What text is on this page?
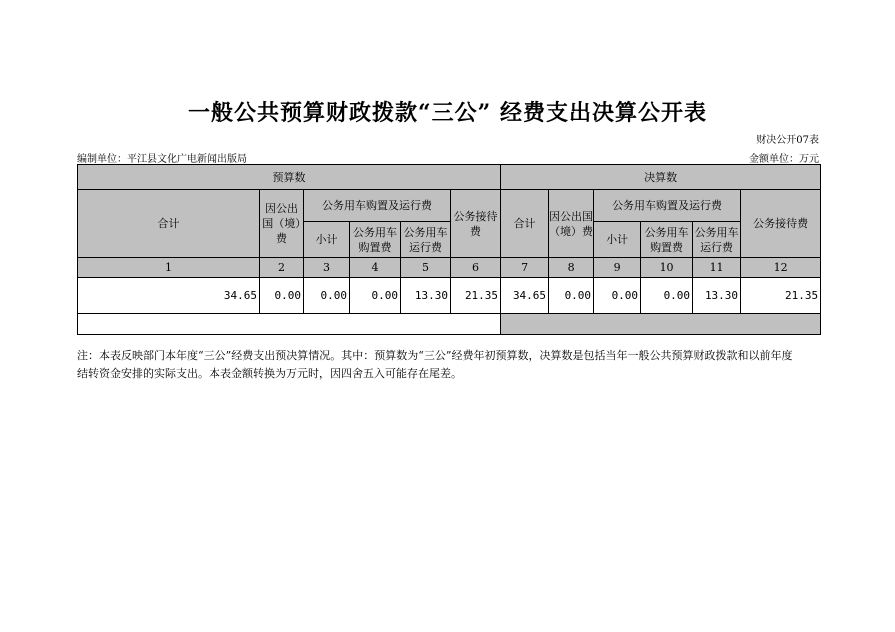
一般公共预算财政拨款“三公” 经费支出决算公开表
财决公开07表
编制单位：平江县文化广电新闻出版局	金额单位：万元
预算数						决算数					
合计	因公出国（境）费	公务用车购置及运行费			公务接待费	合计	因公出国（境）费	公务用车购置及运行费			公务接待费
		小计	公务用车购置费	公务用车运行费				小计	公务用车购置费	公务用车运行费	
1	2	3	4	5	6	7	8	9	10	11	12
34.65	0.00	0.00	0.00	13.30	21.35	34.65	0.00	0.00	0.00	13.30	21.35

注：本表反映部门本年度“三公”经费支出预决算情况。其中：预算数为“三公”经费年初预算数，决算数是包括当年一般公共预算财政拨款和以前年度结转资金安排的实际支出。本表金额转换为万元时，因四舍五入可能存在尾差。
